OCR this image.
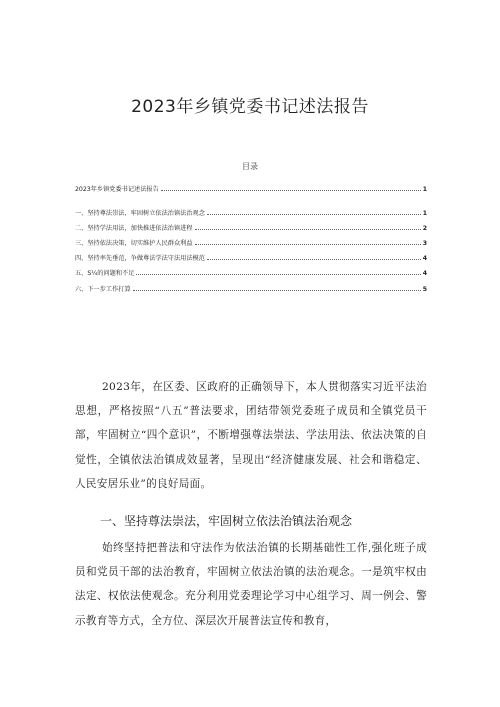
2023年乡镇党委书记述法报告
目录
2023年乡镇党委书记述法报告	1
一、坚持尊法崇法，牢固树立依法治镇法治观念	1
二、坚持学法用法，加快推进依法治镇进程	2
三、坚持依法决策，切实维护人民群众利益	3
四、坚持率先垂范，争做尊法学法守法用法模范	4
五、S¼的问题和不足	4
六、下一步工作打算	5
2023年，在区委、区政府的正确领导下，本人贯彻落实习近平法治思想，严格按照“八五”普法要求，团结带领党委班子成员和全镇党员干部，牢固树立“四个意识”，不断增强尊法崇法、学法用法、依法决策的自觉性，全镇依法治镇成效显著，呈现出“经济健康发展、社会和谐稳定、人民安居乐业”的良好局面。
一、坚持尊法崇法，牢固树立依法治镇法治观念
始终坚持把普法和守法作为依法治镇的长期基础性工作,强化班子成员和党员干部的法治教育，牢固树立依法治镇的法治观念。一是筑牢权由法定、权依法使观念。充分利用党委理论学习中心组学习、周一例会、警示教育等方式，全方位、深层次开展普法宣传和教育，
